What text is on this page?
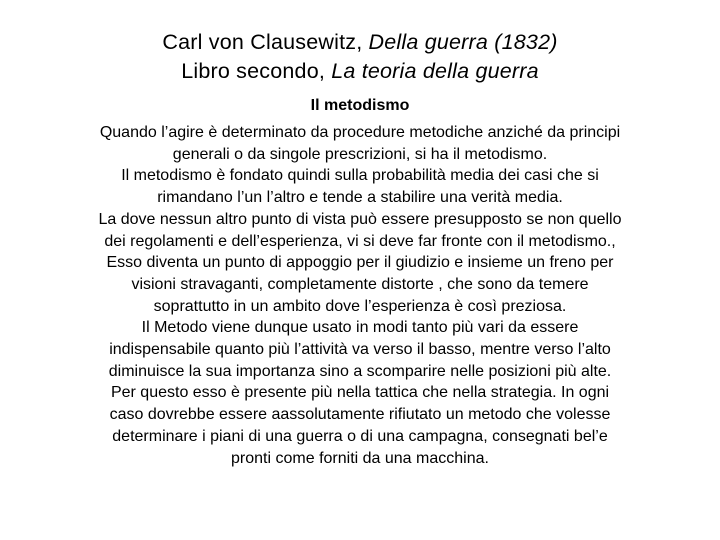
Carl von Clausewitz, Della guerra (1832)
Libro secondo, La teoria della guerra
Il metodismo
Quando l’agire è determinato da procedure metodiche anziché da principi
generali o da singole prescrizioni, si ha il metodismo.
Il metodismo è fondato quindi sulla probabilità media dei casi che si
rimandano l’un l’altro e tende a stabilire una verità media.
La dove nessun altro punto di vista può essere presupposto se non quello
dei regolamenti e dell’esperienza, vi si deve far fronte con il metodismo.,
Esso diventa un punto di appoggio per il giudizio e insieme un freno per
visioni stravaganti, completamente distorte , che sono da temere
soprattutto in un ambito dove l’esperienza è così preziosa.
Il Metodo viene dunque usato in modi tanto più vari da essere
indispensabile quanto più l’attività va verso il basso, mentre verso l’alto
diminuisce la sua importanza sino a scomparire nelle posizioni più alte.
Per questo esso è presente più nella tattica che nella strategia. In ogni
caso dovrebbe essere aassolutamente rifiutato un metodo che volesse
determinare i piani di una guerra o di una campagna, consegnati bel’e
pronti come forniti da una macchina.
